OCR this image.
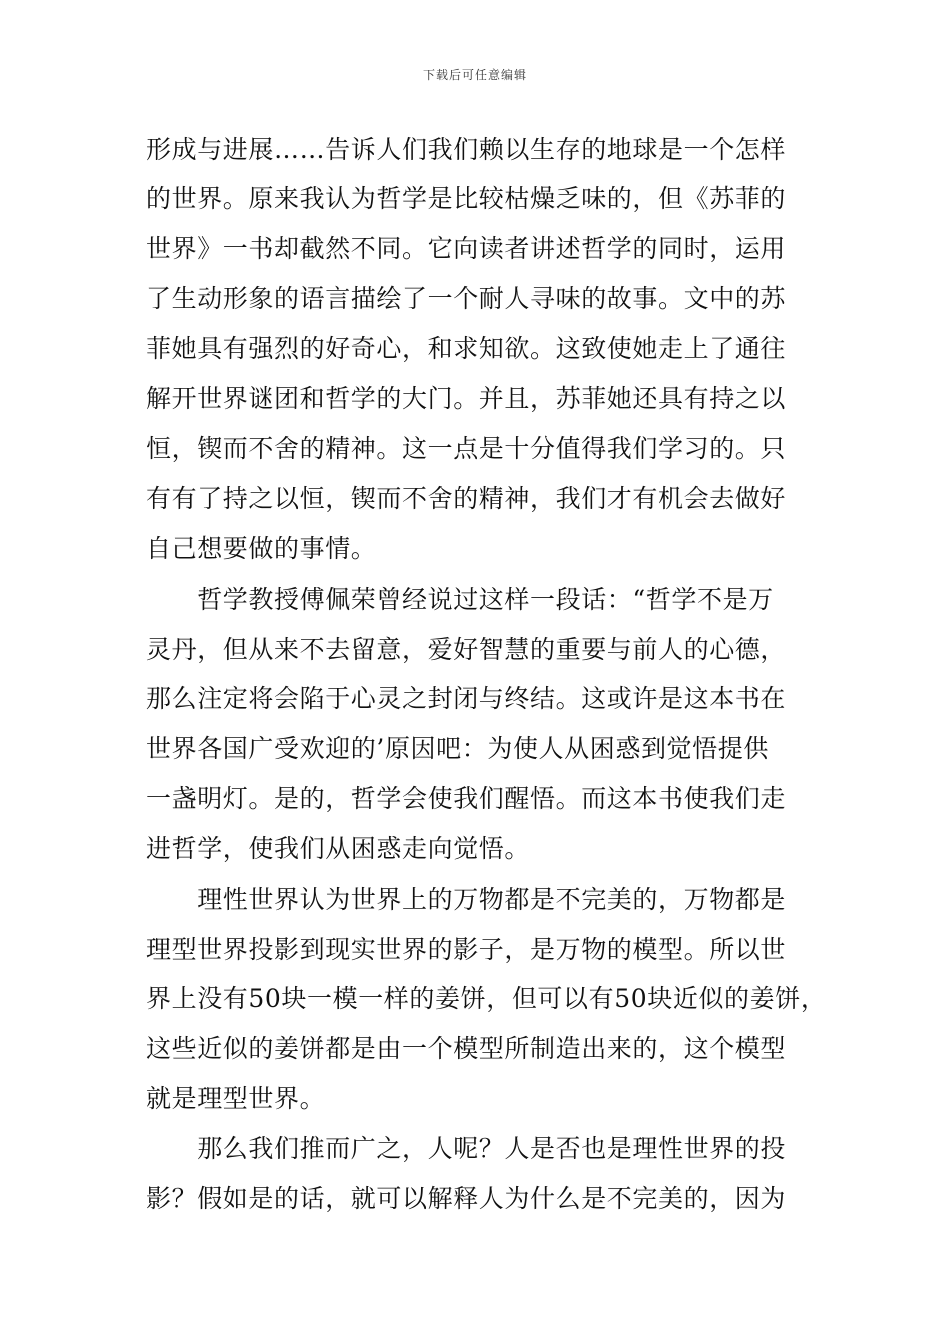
下载后可任意编辑
形成与进展……告诉人们我们赖以生存的地球是一个怎样
的世界。原来我认为哲学是比较枯燥乏味的，但《苏菲的
世界》一书却截然不同。它向读者讲述哲学的同时，运用
了生动形象的语言描绘了一个耐人寻味的故事。文中的苏
菲她具有强烈的好奇心，和求知欲。这致使她走上了通往
解开世界谜团和哲学的大门。并且，苏菲她还具有持之以
恒，锲而不舍的精神。这一点是十分值得我们学习的。只
有有了持之以恒，锲而不舍的精神，我们才有机会去做好
自己想要做的事情。
　　哲学教授傅佩荣曾经说过这样一段话：“哲学不是万
灵丹，但从来不去留意，爱好智慧的重要与前人的心德，
那么注定将会陷于心灵之封闭与终结。这或许是这本书在
世界各国广受欢迎的’原因吧：为使人从困惑到觉悟提供
一盏明灯。是的，哲学会使我们醒悟。而这本书使我们走
进哲学，使我们从困惑走向觉悟。
　　理性世界认为世界上的万物都是不完美的，万物都是
理型世界投影到现实世界的影子，是万物的模型。所以世
界上没有50块一模一样的姜饼，但可以有50块近似的姜饼，
这些近似的姜饼都是由一个模型所制造出来的，这个模型
就是理型世界。
　　那么我们推而广之，人呢？人是否也是理性世界的投
影？假如是的话，就可以解释人为什么是不完美的，因为
